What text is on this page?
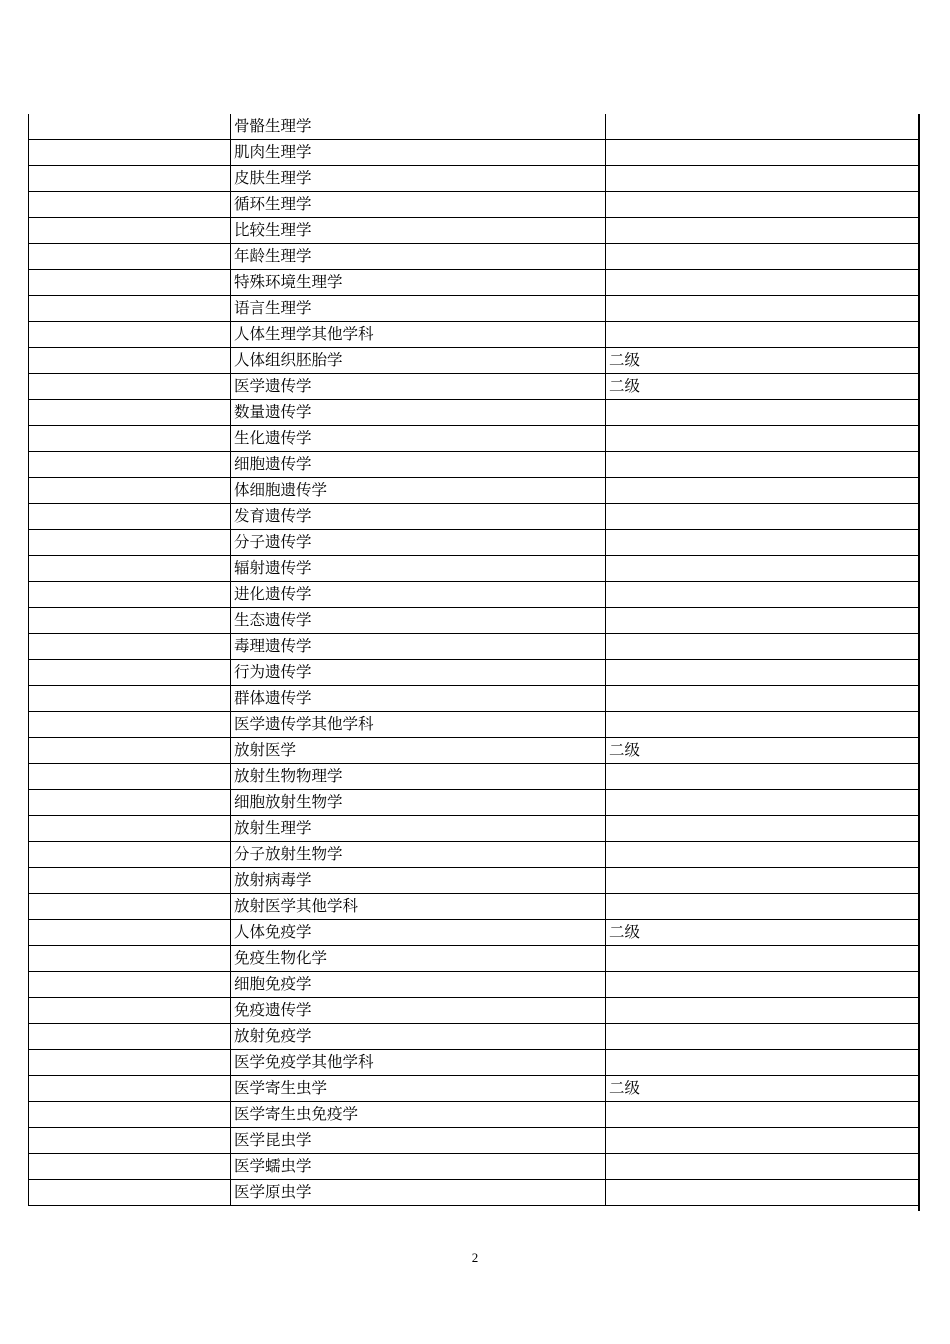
	骨骼生理学	
	肌肉生理学	
	皮肤生理学	
	循环生理学	
	比较生理学	
	年龄生理学	
	特殊环境生理学	
	语言生理学	
	人体生理学其他学科	
	人体组织胚胎学	二级
	医学遗传学	二级
	数量遗传学	
	生化遗传学	
	细胞遗传学	
	体细胞遗传学	
	发育遗传学	
	分子遗传学	
	辐射遗传学	
	进化遗传学	
	生态遗传学	
	毒理遗传学	
	行为遗传学	
	群体遗传学	
	医学遗传学其他学科	
	放射医学	二级
	放射生物物理学	
	细胞放射生物学	
	放射生理学	
	分子放射生物学	
	放射病毒学	
	放射医学其他学科	
	人体免疫学	二级
	免疫生物化学	
	细胞免疫学	
	免疫遗传学	
	放射免疫学	
	医学免疫学其他学科	
	医学寄生虫学	二级
	医学寄生虫免疫学	
	医学昆虫学	
	医学蠕虫学	
	医学原虫学	
2
